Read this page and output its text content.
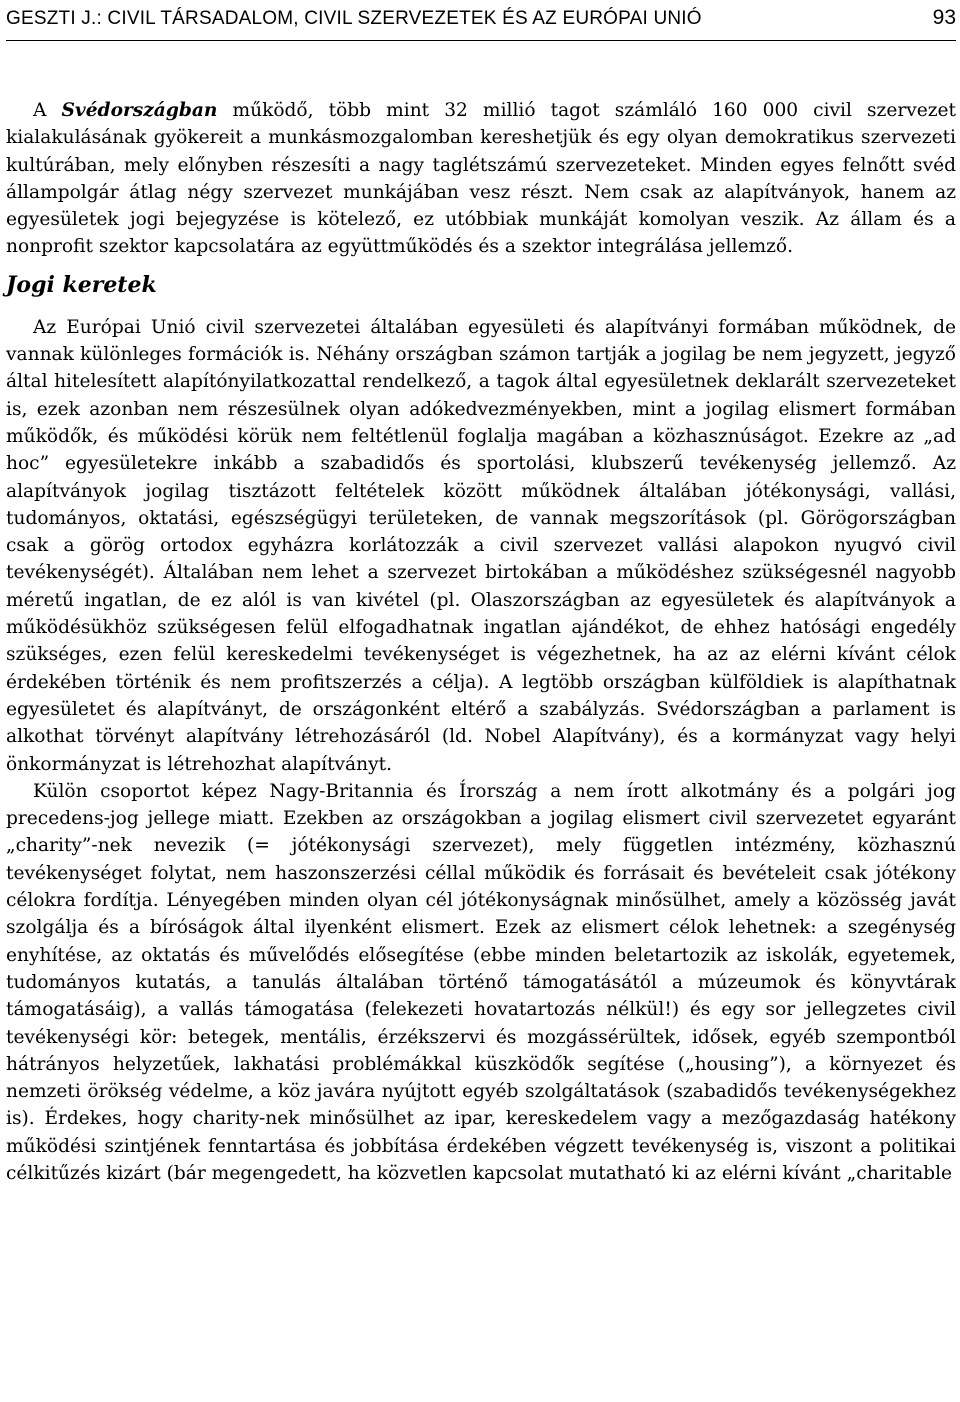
GESZTI J.: CIVIL TÁRSADALOM, CIVIL SZERVEZETEK ÉS AZ EURÓPAI UNIÓ	93

A Svédországban működő, több mint 32 millió tagot számláló 160 000 civil szervezet kialakulásának gyökereit a munkásmozgalomban kereshetjük és egy olyan demokratikus szervezeti kultúrában, mely előnyben részesíti a nagy taglétszámú szervezeteket. Minden egyes felnőtt svéd állampolgár átlag négy szervezet munkájában vesz részt. Nem csak az alapítványok, hanem az egyesületek jogi bejegyzése is kötelező, ez utóbbiak munkáját komolyan veszik. Az állam és a nonprofit szektor kapcsolatára az együttműködés és a szektor integrálása jellemző.

Jogi keretek

Az Európai Unió civil szervezetei általában egyesületi és alapítványi formában működnek, de vannak különleges formációk is. Néhány országban számon tartják a jogilag be nem jegyzett, jegyző által hitelesített alapítónyilatkozattal rendelkező, a tagok által egyesületnek deklarált szervezeteket is, ezek azonban nem részesülnek olyan adókedvezményekben, mint a jogilag elismert formában működők, és működési körük nem feltétlenül foglalja magában a közhasznúságot. Ezekre az „ad hoc” egyesületekre inkább a szabadidős és sportolási, klubszerű tevékenység jellemző. Az alapítványok jogilag tisztázott feltételek között működnek általában jótékonysági, vallási, tudományos, oktatási, egészségügyi területeken, de vannak megszorítások (pl. Görögországban csak a görög ortodox egyházra korlátozzák a civil szervezet vallási alapokon nyugvó civil tevékenységét). Általában nem lehet a szervezet birtokában a működéshez szükségesnél nagyobb méretű ingatlan, de ez alól is van kivétel (pl. Olaszországban az egyesületek és alapítványok a működésükhöz szükségesen felül elfogadhatnak ingatlan ajándékot, de ehhez hatósági engedély szükséges, ezen felül kereskedelmi tevékenységet is végezhetnek, ha az az elérni kívánt célok érdekében történik és nem profitszerzés a célja). A legtöbb országban külföldiek is alapíthatnak egyesületet és alapítványt, de országonként eltérő a szabályzás. Svédországban a parlament is alkothat törvényt alapítvány létrehozásáról (ld. Nobel Alapítvány), és a kormányzat vagy helyi önkormányzat is létrehozhat alapítványt.

Külön csoportot képez Nagy-Britannia és Írország a nem írott alkotmány és a polgári jog precedens-jog jellege miatt. Ezekben az országokban a jogilag elismert civil szervezetet egyaránt „charity”-nek nevezik (= jótékonysági szervezet), mely független intézmény, közhasznú tevékenységet folytat, nem haszonszerzési céllal működik és forrásait és bevételeit csak jótékony célokra fordítja. Lényegében minden olyan cél jótékonyságnak minősülhet, amely a közösség javát szolgálja és a bíróságok által ilyenként elismert. Ezek az elismert célok lehetnek: a szegénység enyhítése, az oktatás és művelődés elősegítése (ebbe minden beletartozik az iskolák, egyetemek, tudományos kutatás, a tanulás általában történő támogatásától a múzeumok és könyvtárak támogatásáig), a vallás támogatása (felekezeti hovatartozás nélkül!) és egy sor jellegzetes civil tevékenységi kör: betegek, mentális, érzékszervi és mozgássérültek, idősek, egyéb szempontból hátrányos helyzetűek, lakhatási problémákkal küszködők segítése („housing”), a környezet és nemzeti örökség védelme, a köz javára nyújtott egyéb szolgáltatások (szabadidős tevékenységekhez is). Érdekes, hogy charity-nek minősülhet az ipar, kereskedelem vagy a mezőgazdaság hatékony működési szintjének fenntartása és jobbítása érdekében végzett tevékenység is, viszont a politikai célkitűzés kizárt (bár megengedett, ha közvetlen kapcsolat mutatható ki az elérni kívánt „charitable
